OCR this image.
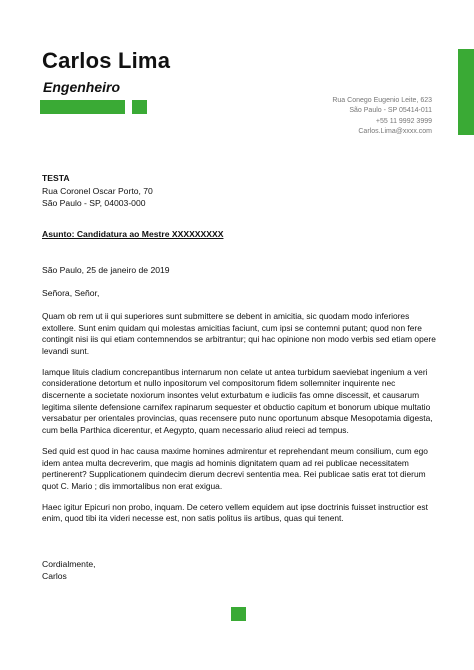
Carlos Lima
Engenheiro
Rua Conego Eugenio Leite, 623
São Paulo - SP 05414-011
+55 11 9992 3999
Carlos.Lima@xxxx.com
TESTA
Rua Coronel Oscar Porto, 70
São Paulo - SP, 04003-000
Asunto: Candidatura ao Mestre XXXXXXXXX
São Paulo, 25 de janeiro de 2019
Señora, Señor,

Quam ob rem ut ii qui superiores sunt submittere se debent in amicitia, sic quodam modo inferiores extollere. Sunt enim quidam qui molestas amicitias faciunt, cum ipsi se contemni putant; quod non fere contingit nisi iis qui etiam contemnendos se arbitrantur; qui hac opinione non modo verbis sed etiam opere levandi sunt.

Iamque lituis cladium concrepantibus internarum non celate ut antea turbidum saeviebat ingenium a veri consideratione detortum et nullo inpositorum vel compositorum fidem sollemniter inquirente nec discernente a societate noxiorum insontes velut exturbatum e iudiciis fas omne discessit, et causarum legitima silente defensione carnifex rapinarum sequester et obductio capitum et bonorum ubique multatio versabatur per orientales provincias, quas recensere puto nunc oportunum absque Mesopotamia digesta, cum bella Parthica dicerentur, et Aegypto, quam necessario aliud reieci ad tempus.

Sed quid est quod in hac causa maxime homines admirentur et reprehendant meum consilium, cum ego idem antea multa decreverim, que magis ad hominis dignitatem quam ad rei publicae necessitatem pertinerent? Supplicationem quindecim dierum decrevi sententia mea. Rei publicae satis erat tot dierum quot C. Mario ; dis immortalibus non erat exigua.

Haec igitur Epicuri non probo, inquam. De cetero vellem equidem aut ipse doctrinis fuisset instructior est enim, quod tibi ita videri necesse est, non satis politus iis artibus, quas qui tenent.

Cordialmente,
Carlos
